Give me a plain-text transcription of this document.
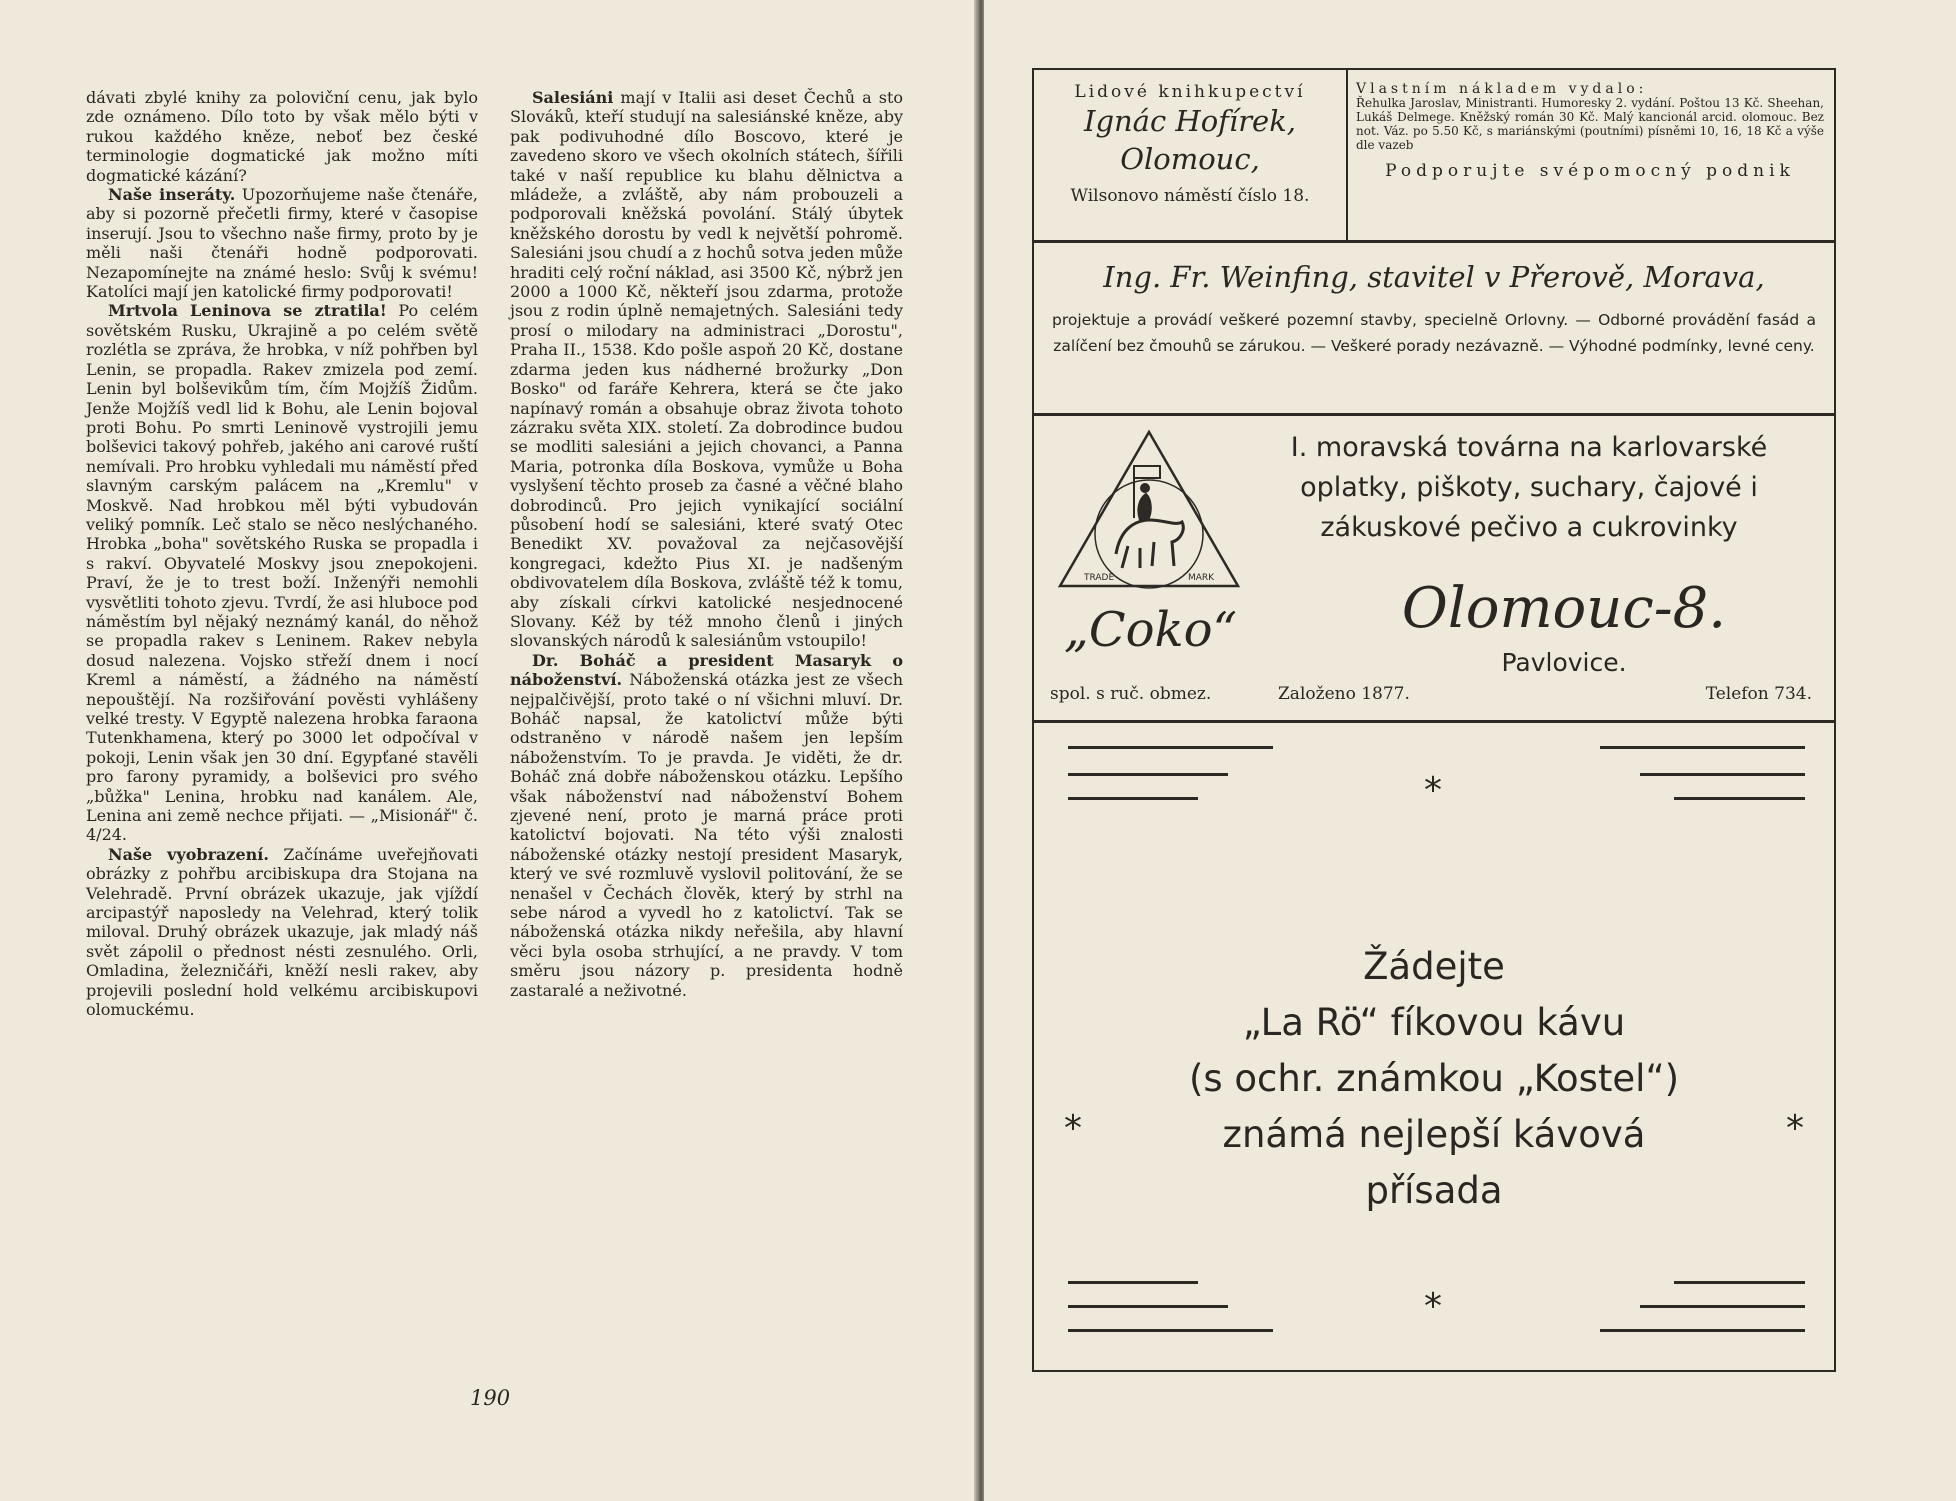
dávati zbylé knihy za poloviční cenu, jak bylo zde oznámeno. Dílo toto by však mělo býti v rukou každého kněze, neboť bez české terminologie dogmatické jak možno míti dogmatické kázání?

Naše inseráty. Upozorňujeme naše čtenáře, aby si pozorně přečetli firmy, které v časopise inserují. Jsou to všechno naše firmy, proto by je měli naši čtenáři hodně podporovati. Nezapomínejte na známé heslo: Svůj k svému! Katolíci mají jen katolické firmy podporovati!

Mrtvola Leninova se ztratila! Po celém sovětském Rusku, Ukrajině a po celém světě rozlétla se zpráva, že hrobka, v níž pohřben byl Lenin, se propadla. Rakev zmizela pod zemí. Lenin byl bolševikům tím, čím Mojžíš Židům. Jenže Mojžíš vedl lid k Bohu, ale Lenin bojoval proti Bohu. Po smrti Leninově vystrojili jemu bolševici takový pohřeb, jakého ani carové ruští nemívali. Pro hrobku vyhledali mu náměstí před slavným carským palácem na „Kremlu" v Moskvě. Nad hrobkou měl býti vybudován veliký pomník. Leč stalo se něco neslýchaného. Hrobka „boha" sovětského Ruska se propadla i s rakví. Obyvatelé Moskvy jsou znepokojeni. Praví, že je to trest boží. Inženýři nemohli vysvětliti tohoto zjevu. Tvrdí, že asi hluboce pod náměstím byl nějaký neznámý kanál, do něhož se propadla rakev s Leninem. Rakev nebyla dosud nalezena. Vojsko střeží dnem i nocí Kreml a náměstí, a žádného na náměstí nepouštějí. Na rozšiřování pověsti vyhlášeny velké tresty. V Egyptě nalezena hrobka faraona Tutenkhamena, který po 3000 let odpočíval v pokoji, Lenin však jen 30 dní. Egypťané stavěli pro farony pyramidy, a bolševici pro svého „bůžka" Lenina, hrobku nad kanálem. Ale, Lenina ani země nechce přijati. — „Misionář" č. 4/24.

Naše vyobrazení. Začínáme uveřejňovati obrázky z pohřbu arcibiskupa dra Stojana na Velehradě. První obrázek ukazuje, jak vjíždí arcipastýř naposledy na Velehrad, který tolik miloval. Druhý obrázek ukazuje, jak mladý náš svět zápolil o přednost nésti zesnulého. Orli, Omladina, železničáři, kněží nesli rakev, aby projevili poslední hold velkému arcibiskupovi olomuckému.

Salesiáni mají v Italii asi deset Čechů a sto Slováků, kteří studují na salesiánské kněze, aby pak podivuhodné dílo Boscovo, které je zavedeno skoro ve všech okolních státech, šířili také v naší republice ku blahu dělnictva a mládeže, a zvláště, aby nám probouzeli a podporovali kněžská povolání. Stálý úbytek kněžského dorostu by vedl k největší pohromě. Salesiáni jsou chudí a z hochů sotva jeden může hraditi celý roční náklad, asi 3500 Kč, nýbrž jen 2000 a 1000 Kč, někteří jsou zdarma, protože jsou z rodin úplně nemajetných. Salesiáni tedy prosí o milodary na administraci „Dorostu", Praha II., 1538. Kdo pošle aspoň 20 Kč, dostane zdarma jeden kus nádherné brožurky „Don Bosko" od faráře Kehrera, která se čte jako napínavý román a obsahuje obraz života tohoto zázraku světa XIX. století. Za dobrodince budou se modliti salesiáni a jejich chovanci, a Panna Maria, potronka díla Boskova, vymůže u Boha vyslyšení těchto proseb za časné a věčné blaho dobrodinců. Pro jejich vynikající sociální působení hodí se salesiáni, které svatý Otec Benedikt XV. považoval za nejčasovější kongregaci, kdežto Pius XI. je nadšeným obdivovatelem díla Boskova, zvláště též k tomu, aby získali církvi katolické nesjednocené Slovany. Kéž by též mnoho členů i jiných slovanských národů k salesiánům vstoupilo!

Dr. Boháč a president Masaryk o náboženství. Náboženská otázka jest ze všech nejpalčivější, proto také o ní všichni mluví. Dr. Boháč napsal, že katolictví může býti odstraněno v národě našem jen lepším náboženstvím. To je pravda. Je viděti, že dr. Boháč zná dobře náboženskou otázku. Lepšího však náboženství nad náboženství Bohem zjevené není, proto je marná práce proti katolictví bojovati. Na této výši znalosti náboženské otázky nestojí president Masaryk, který ve své rozmluvě vyslovil politování, že se nenašel v Čechách člověk, který by strhl na sebe národ a vyvedl ho z katolictví. Tak se náboženská otázka nikdy neřešila, aby hlavní věci byla osoba strhující, a ne pravdy. V tom směru jsou názory p. presidenta hodně zastaralé a neživotné.

190
Lidové knihkupectví
Ignác Hofírek,
Olomouc,
Wilsonovo náměstí číslo 18.
Vlastním nákladem vydalo:
Řehulka Jaroslav, Ministranti. Humoresky 2. vydání. Poštou 13 Kč. Sheehan, Lukáš Delmege. Kněžský román 30 Kč. Malý kancionál arcid. olomouc. Bez not. Váz. po 5.50 Kč, s mariánskými (poutními) písněmi 10, 16, 18 Kč a výše dle vazeb
Podporujte svépomocný podnik
Ing. Fr. Weinfing, stavitel v Přerově, Morava,
projektuje a provádí veškeré pozemní stavby, specielně Orlovny. — Odborné provádění fasád a zalíčení bez čmouhů se zárukou. — Veškeré porady nezávazně. — Výhodné podmínky, levné ceny.
TRADE	MARK
I. moravská továrna na karlovarské oplatky, piškoty, suchary, čajové i zákuskové pečivo a cukrovinky
„Coko“	Olomouc-8.
Pavlovice.
spol. s ruč. obmez.	Založeno 1877.	Telefon 734.
*
*	*
Žádejte
„La Rö“ fíkovou kávu
(s ochr. známkou „Kostel“)
známá nejlepší kávová
přísada
*
